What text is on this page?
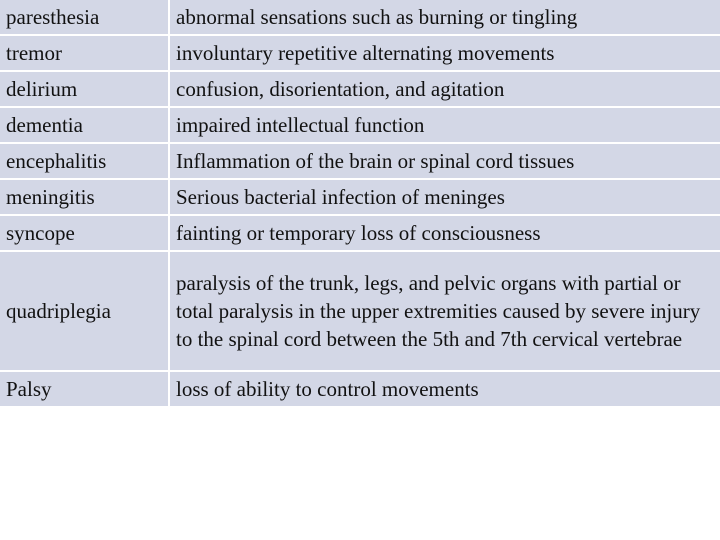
paresthesia	abnormal sensations such as burning or tingling
tremor	involuntary repetitive alternating movements
delirium	confusion, disorientation, and agitation
dementia	impaired intellectual function
encephalitis	Inflammation of the brain or spinal cord tissues
meningitis	Serious bacterial infection of meninges
syncope	fainting or temporary loss of consciousness
quadriplegia	paralysis of the trunk, legs, and pelvic organs with partial or total paralysis in the upper extremities caused by severe injury to the spinal cord between the 5th and 7th cervical vertebrae
Palsy	loss of ability to control movements
